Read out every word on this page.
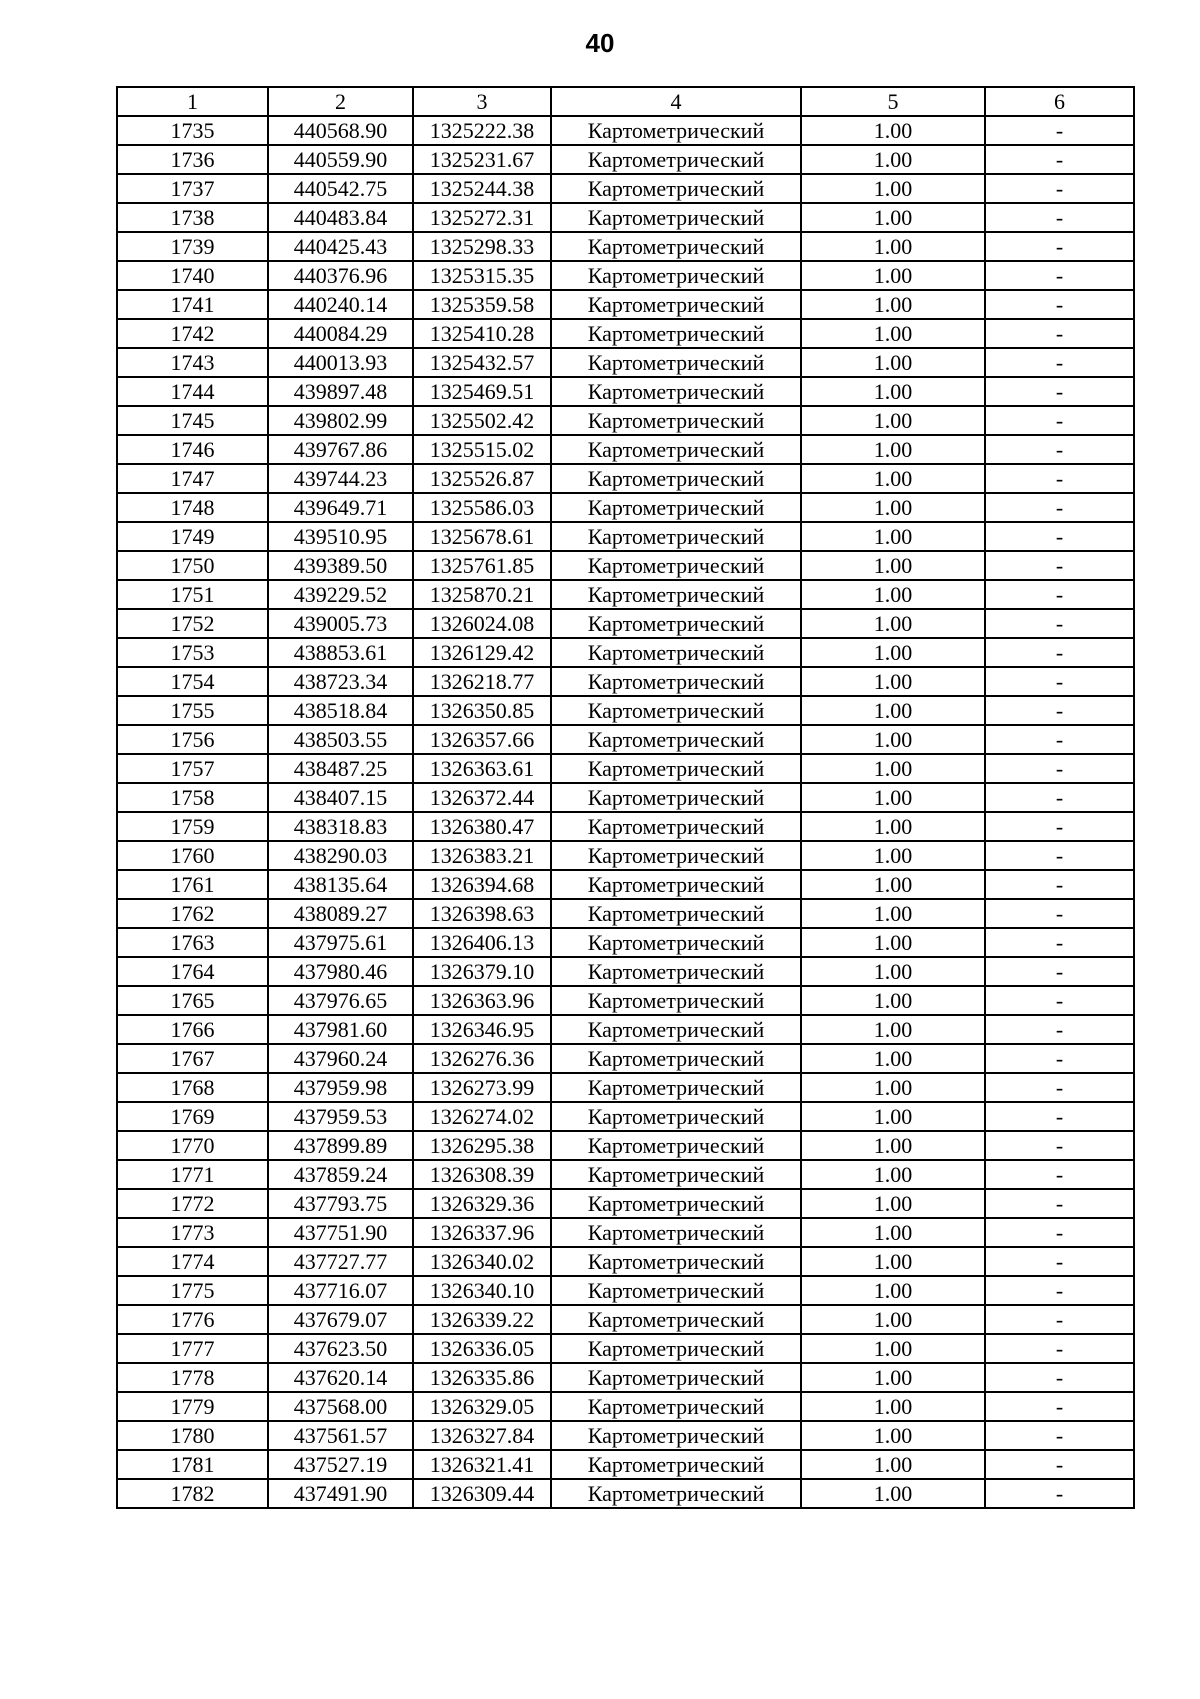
40
1	2	3	4	5	6
1735	440568.90	1325222.38	Картометрический	1.00	-
1736	440559.90	1325231.67	Картометрический	1.00	-
1737	440542.75	1325244.38	Картометрический	1.00	-
1738	440483.84	1325272.31	Картометрический	1.00	-
1739	440425.43	1325298.33	Картометрический	1.00	-
1740	440376.96	1325315.35	Картометрический	1.00	-
1741	440240.14	1325359.58	Картометрический	1.00	-
1742	440084.29	1325410.28	Картометрический	1.00	-
1743	440013.93	1325432.57	Картометрический	1.00	-
1744	439897.48	1325469.51	Картометрический	1.00	-
1745	439802.99	1325502.42	Картометрический	1.00	-
1746	439767.86	1325515.02	Картометрический	1.00	-
1747	439744.23	1325526.87	Картометрический	1.00	-
1748	439649.71	1325586.03	Картометрический	1.00	-
1749	439510.95	1325678.61	Картометрический	1.00	-
1750	439389.50	1325761.85	Картометрический	1.00	-
1751	439229.52	1325870.21	Картометрический	1.00	-
1752	439005.73	1326024.08	Картометрический	1.00	-
1753	438853.61	1326129.42	Картометрический	1.00	-
1754	438723.34	1326218.77	Картометрический	1.00	-
1755	438518.84	1326350.85	Картометрический	1.00	-
1756	438503.55	1326357.66	Картометрический	1.00	-
1757	438487.25	1326363.61	Картометрический	1.00	-
1758	438407.15	1326372.44	Картометрический	1.00	-
1759	438318.83	1326380.47	Картометрический	1.00	-
1760	438290.03	1326383.21	Картометрический	1.00	-
1761	438135.64	1326394.68	Картометрический	1.00	-
1762	438089.27	1326398.63	Картометрический	1.00	-
1763	437975.61	1326406.13	Картометрический	1.00	-
1764	437980.46	1326379.10	Картометрический	1.00	-
1765	437976.65	1326363.96	Картометрический	1.00	-
1766	437981.60	1326346.95	Картометрический	1.00	-
1767	437960.24	1326276.36	Картометрический	1.00	-
1768	437959.98	1326273.99	Картометрический	1.00	-
1769	437959.53	1326274.02	Картометрический	1.00	-
1770	437899.89	1326295.38	Картометрический	1.00	-
1771	437859.24	1326308.39	Картометрический	1.00	-
1772	437793.75	1326329.36	Картометрический	1.00	-
1773	437751.90	1326337.96	Картометрический	1.00	-
1774	437727.77	1326340.02	Картометрический	1.00	-
1775	437716.07	1326340.10	Картометрический	1.00	-
1776	437679.07	1326339.22	Картометрический	1.00	-
1777	437623.50	1326336.05	Картометрический	1.00	-
1778	437620.14	1326335.86	Картометрический	1.00	-
1779	437568.00	1326329.05	Картометрический	1.00	-
1780	437561.57	1326327.84	Картометрический	1.00	-
1781	437527.19	1326321.41	Картометрический	1.00	-
1782	437491.90	1326309.44	Картометрический	1.00	-
